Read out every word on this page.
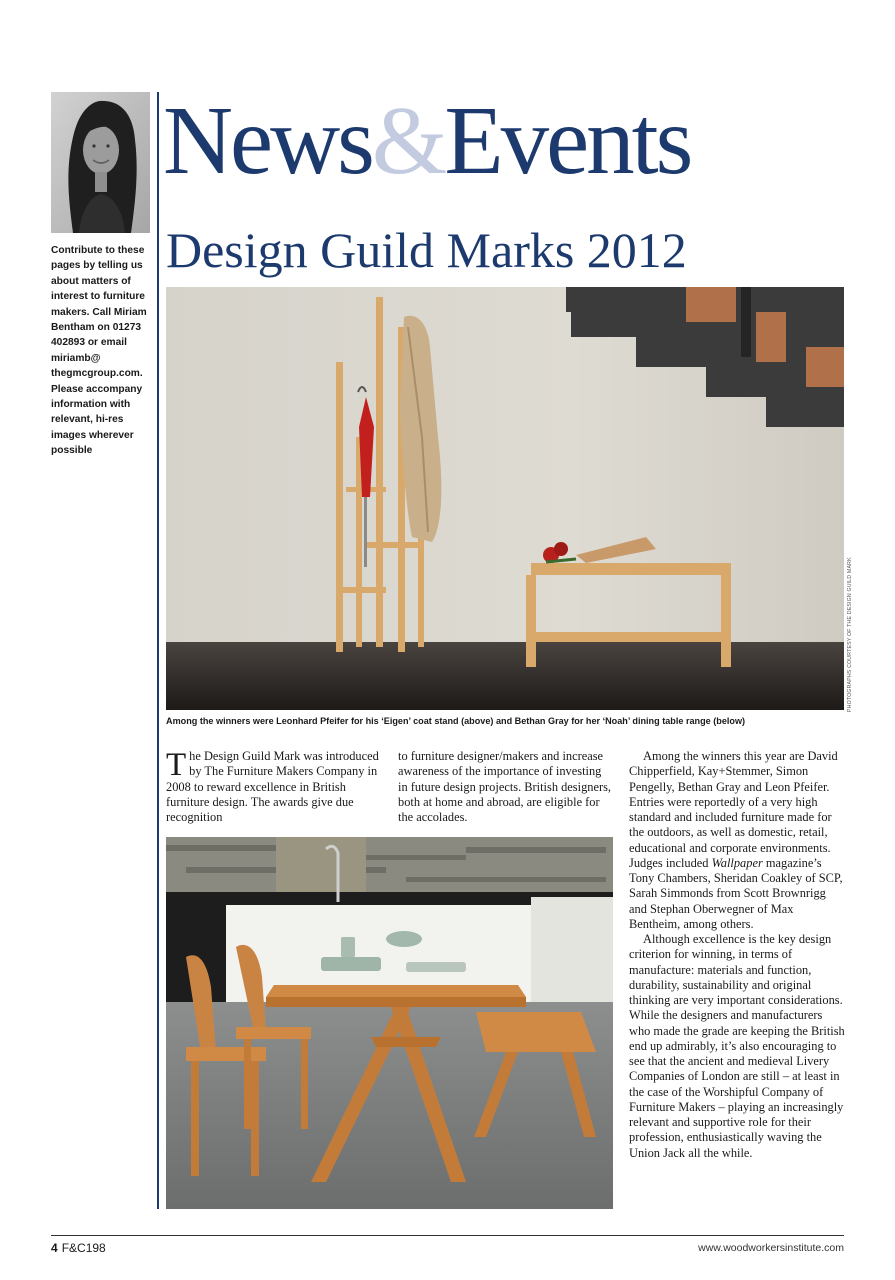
Contribute to these pages by telling us about matters of interest to furniture makers. Call Miriam Bentham on 01273 402893 or email miriamb@ thegmcgroup.com. Please accompany information with relevant, hi-res images wherever possible
News&Events
Design Guild Marks 2012
PHOTOGRAPHS COURTESY OF THE DESIGN GUILD MARK
Among the winners were Leonhard Pfeifer for his ‘Eigen’ coat stand (above) and Bethan Gray for her ‘Noah’ dining table range (below)

The Design Guild Mark was introduced by The Furniture Makers Company in 2008 to reward excellence in British furniture design. The awards give due recognition

to furniture designer/makers and increase awareness of the importance of investing in future design projects. British designers, both at home and abroad, are eligible for the accolades.

Among the winners this year are David Chipperfield, Kay+Stemmer, Simon Pengelly, Bethan Gray and Leon Pfeifer. Entries were reportedly of a very high standard and included furniture made for the outdoors, as well as domestic, retail, educational and corporate environments. Judges included Wallpaper magazine’s Tony Chambers, Sheridan Coakley of SCP, Sarah Simmonds from Scott Brownrigg and Stephan Oberwegner of Max Bentheim, among others.

Although excellence is the key design criterion for winning, in terms of manufacture: materials and function, durability, sustainability and original thinking are very important considerations. While the designers and manufacturers who made the grade are keeping the British end up admirably, it’s also encouraging to see that the ancient and medieval Livery Companies of London are still – at least in the case of the Worshipful Company of Furniture Makers – playing an increasingly relevant and supportive role for their profession, enthusiastically waving the Union Jack all the while.

4 F&C198	www.woodworkersinstitute.com
